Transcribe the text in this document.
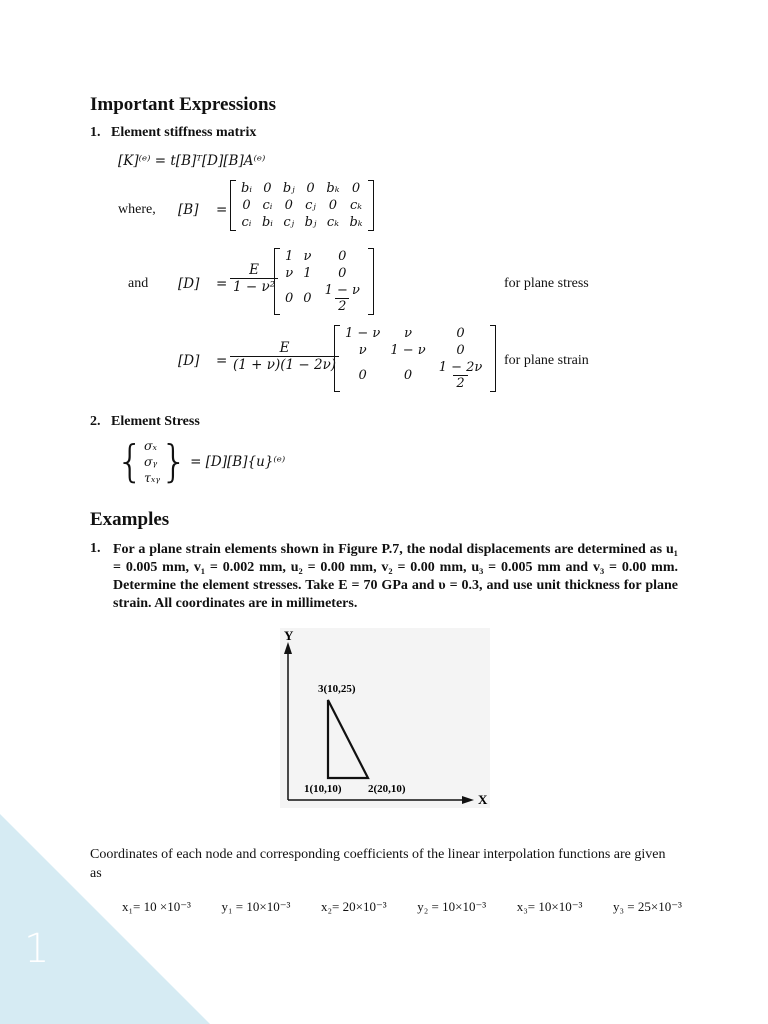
1
Important Expressions
1. Element stiffness matrix
[K]⁽ᵉ⁾ = t[B]ᵀ[D][B]A⁽ᵉ⁾
where, [B] =
bᵢ	0	bⱼ	0	bₖ	0
0	cᵢ	0	cⱼ	0	cₖ
cᵢ	bᵢ	cⱼ	bⱼ	cₖ	bₖ
and $[D] = \frac{E}{\text{1 − ν²}}$
1	ν	0
ν	1	0
0	0	$\frac{1 - \nu}{2}$	for plane stress
$[D] = \frac{E}{(1 + \nu)(1 - 2\nu)}$
1 − ν	ν	0
ν	1 − ν	0
0	0	$\frac{1 - 2\nu}{2}$ for plane strain
2. Element Stress
{ σₓ
σᵧ
τₓᵧ } = [D][B]{u}⁽ᵉ⁾
Examples
1. For a plane strain elements shown in Figure P.7, the nodal displacements are determined as u₁ = 0.005 mm, v₁ = 0.002 mm, u₂ = 0.00 mm, v₂ = 0.00 mm, u₃ = 0.005 mm and v₃ = 0.00 mm. Determine the element stresses. Take E = 70 GPa and υ = 0.3, and use unit thickness for plane strain. All coordinates are in millimeters.
Y
X
3(10,25)
1(10,10) 2(20,10)
Coordinates of each node and corresponding coefficients of the linear interpolation functions are given as
x₁= 10 ×10⁻³ y₁ = 10×10⁻³ x₂= 20×10⁻³ y₂ = 10×10⁻³ x₃= 10×10⁻³ y₃ = 25×10⁻³
